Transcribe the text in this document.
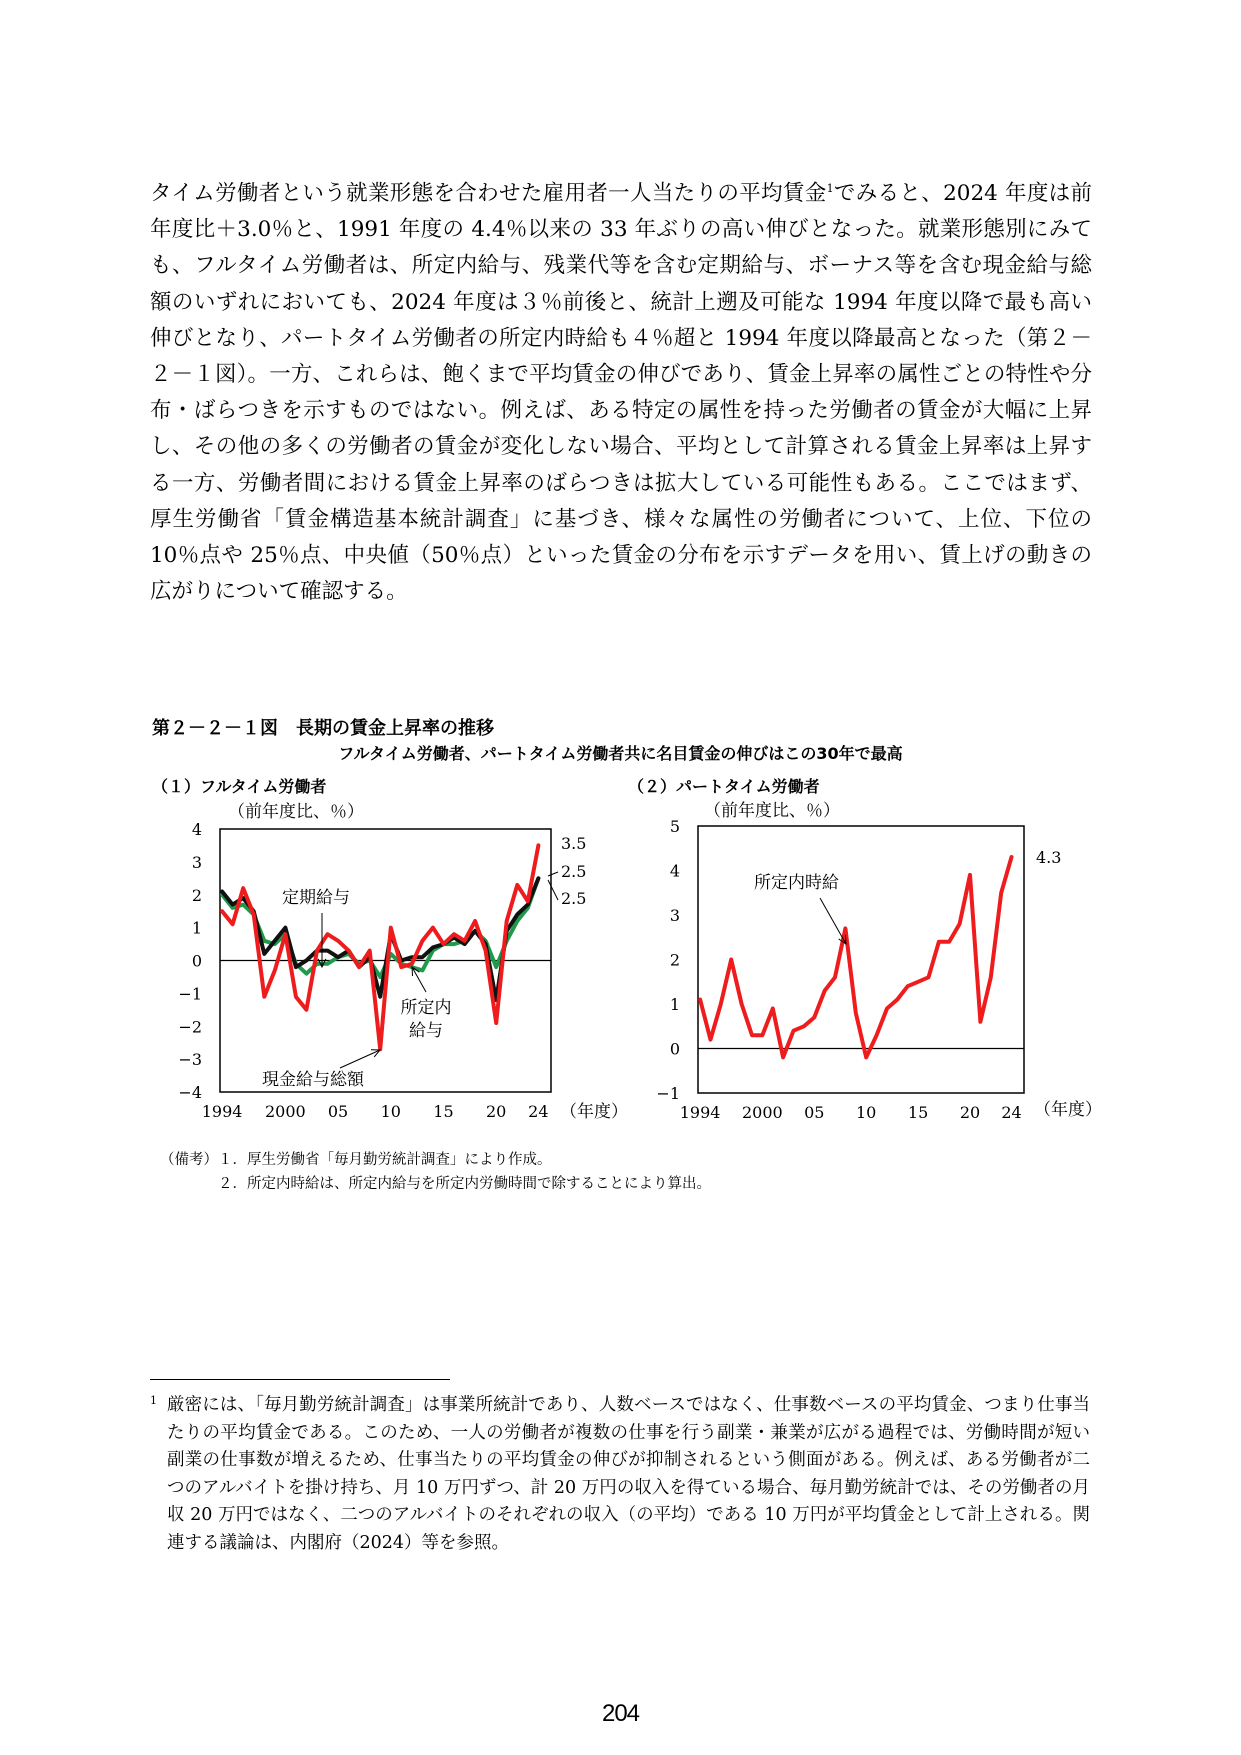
タイム労働者という就業形態を合わせた雇用者一人当たりの平均賃金$^1$でみると、2024 年度は前年度比＋3.0％と、1991 年度の 4.4％以来の 33 年ぶりの高い伸びとなった。就業形態別にみても、フルタイム労働者は、所定内給与、残業代等を含む定期給与、ボーナス等を含む現金給与総額のいずれにおいても、2024 年度は３％前後と、統計上遡及可能な 1994 年度以降で最も高い伸びとなり、パートタイム労働者の所定内時給も４％超と 1994 年度以降最高となった（第２－２－１図）。一方、これらは、飽くまで平均賃金の伸びであり、賃金上昇率の属性ごとの特性や分布・ばらつきを示すものではない。例えば、ある特定の属性を持った労働者の賃金が大幅に上昇し、その他の多くの労働者の賃金が変化しない場合、平均として計算される賃金上昇率は上昇する一方、労働者間における賃金上昇率のばらつきは拡大している可能性もある。ここではまず、厚生労働省「賃金構造基本統計調査」に基づき、様々な属性の労働者について、上位、下位の 10％点や 25％点、中央値（50％点）といった賃金の分布を示すデータを用い、賃上げの動きの広がりについて確認する。

第２－２－１図　長期の賃金上昇率の推移
フルタイム労働者、パートタイム労働者共に名目賃金の伸びはこの30年で最高
（１）フルタイム労働者	（２）パートタイム労働者
4
3
2
1
0
−1
−2
−3
−4
1994 2000 05 10 15 20 24
（前年度比、％）
（年度）
定期給与
所定内給与
現金給与総額
3.5
2.5
2.5
5
4
3
2
1
0
−1
1994 2000 05 10 15 20 24
（前年度比、％）
（年度）
所定内時給
4.3
（備考）１．厚生労働省「毎月勤労統計調査」により作成。
　　　　２．所定内時給は、所定内給与を所定内労働時間で除することにより算出。
1 厳密には、「毎月勤労統計調査」は事業所統計であり、人数ベースではなく、仕事数ベースの平均賃金、つまり仕事当たりの平均賃金である。このため、一人の労働者が複数の仕事を行う副業・兼業が広がる過程では、労働時間が短い副業の仕事数が増えるため、仕事当たりの平均賃金の伸びが抑制されるという側面がある。例えば、ある労働者が二つのアルバイトを掛け持ち、月 10 万円ずつ、計 20 万円の収入を得ている場合、毎月勤労統計では、その労働者の月収 20 万円ではなく、二つのアルバイトのそれぞれの収入（の平均）である 10 万円が平均賃金として計上される。関連する議論は、内閣府（2024）等を参照。
204
